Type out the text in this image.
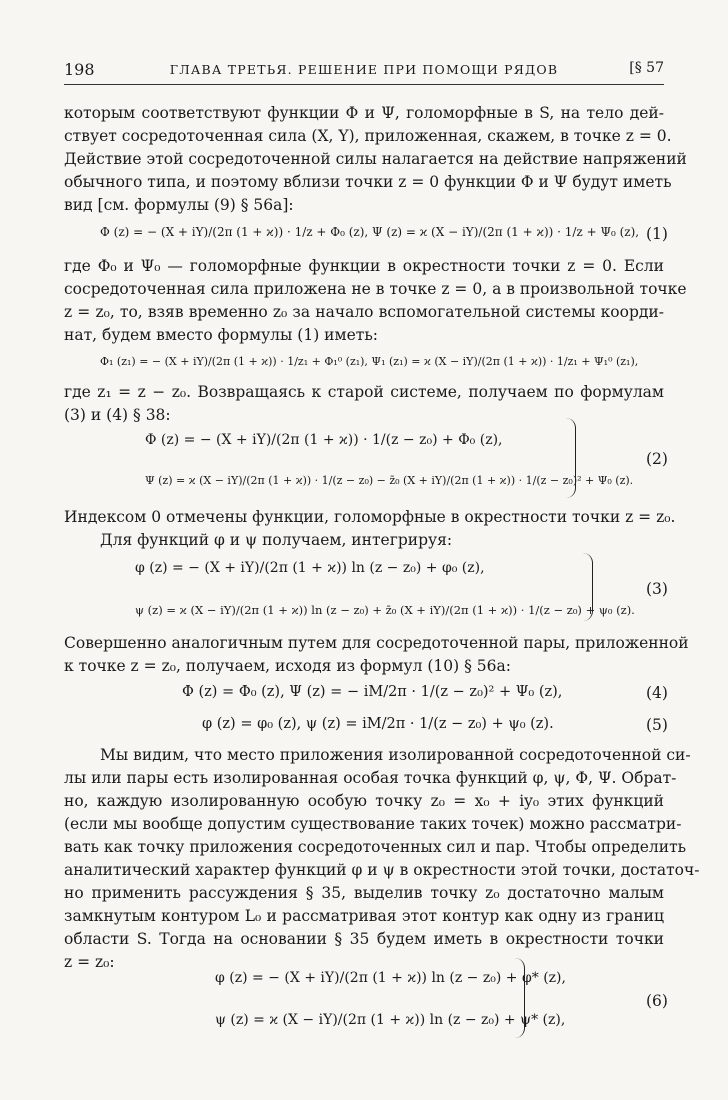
198	ГЛАВА ТРЕТЬЯ. РЕШЕНИЕ ПРИ ПОМОЩИ РЯДОВ	[§ 57
которым соответствуют функции Φ и Ψ, голоморфные в S, на тело дей-
ствует сосредоточенная сила (X, Y), приложенная, скажем, в точке z = 0.
Действие этой сосредоточенной силы налагается на действие напряжений
обычного типа, и поэтому вблизи точки z = 0 функции Φ и Ψ будут иметь
вид [см. формулы (9) § 56а]:
Φ (z) = − (X + iY)/(2π (1 + ϰ)) · 1/z + Φ₀ (z), Ψ (z) = ϰ (X − iY)/(2π (1 + ϰ)) · 1/z + Ψ₀ (z), (1)
где Φ₀ и Ψ₀ — голоморфные функции в окрестности точки z = 0. Если
сосредоточенная сила приложена не в точке z = 0, а в произвольной точке
z = z₀, то, взяв временно z₀ за начало вспомогательной системы коорди-
нат, будем вместо формулы (1) иметь:
Φ₁ (z₁) = − (X + iY)/(2π (1 + ϰ)) · 1/z₁ + Φ₁⁰ (z₁), Ψ₁ (z₁) = ϰ (X − iY)/(2π (1 + ϰ)) · 1/z₁ + Ψ₁⁰ (z₁),
где z₁ = z − z₀. Возвращаясь к старой системе, получаем по формулам
(3) и (4) § 38:
Φ (z) = − (X + iY)/(2π (1 + ϰ)) · 1/(z − z₀) + Φ₀ (z),
Ψ (z) = ϰ (X − iY)/(2π (1 + ϰ)) · 1/(z − z₀) − z̄₀ (X + iY)/(2π (1 + ϰ)) · 1/(z − z₀)² + Ψ₀ (z).
(2)
Индексом 0 отмечены функции, голоморфные в окрестности точки z = z₀.
Для функций φ и ψ получаем, интегрируя:
φ (z) = − (X + iY)/(2π (1 + ϰ)) ln (z − z₀) + φ₀ (z),
ψ (z) = ϰ (X − iY)/(2π (1 + ϰ)) ln (z − z₀) + z̄₀ (X + iY)/(2π (1 + ϰ)) · 1/(z − z₀) + ψ₀ (z).
(3)
Совершенно аналогичным путем для сосредоточенной пары, приложенной
к точке z = z₀, получаем, исходя из формул (10) § 56а:
Φ (z) = Φ₀ (z), Ψ (z) = − iM/2π · 1/(z − z₀)² + Ψ₀ (z),	(4)
φ (z) = φ₀ (z), ψ (z) = iM/2π · 1/(z − z₀) + ψ₀ (z).	(5)
Мы видим, что место приложения изолированной сосредоточенной си-
лы или пары есть изолированная особая точка функций φ, ψ, Φ, Ψ. Обрат-
но, каждую изолированную особую точку z₀ = x₀ + iy₀ этих функций
(если мы вообще допустим существование таких точек) можно рассматри-
вать как точку приложения сосредоточенных сил и пар. Чтобы определить
аналитический характер функций φ и ψ в окрестности этой точки, достаточ-
но применить рассуждения § 35, выделив точку z₀ достаточно малым
замкнутым контуром L₀ и рассматривая этот контур как одну из границ
области S. Тогда на основании § 35 будем иметь в окрестности точки
z = z₀:
φ (z) = − (X + iY)/(2π (1 + ϰ)) ln (z − z₀) + φ* (z),
ψ (z) = ϰ (X − iY)/(2π (1 + ϰ)) ln (z − z₀) + ψ* (z),
(6)
